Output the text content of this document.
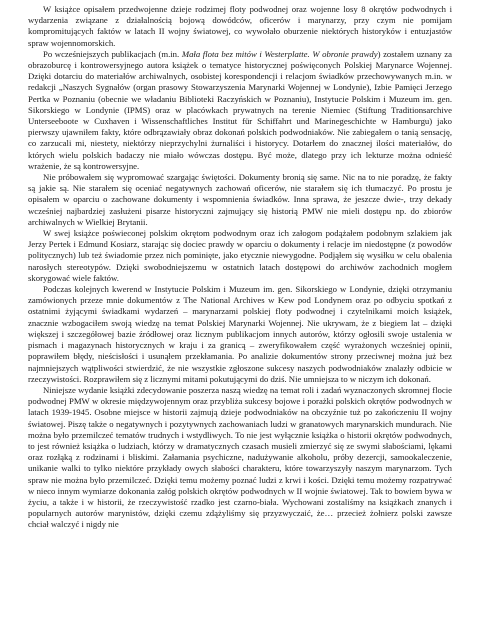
W książce opisałem przedwojenne dzieje rodzimej floty podwodnej oraz wojenne losy 8 okrętów podwodnych i wydarzenia związane z działalnością bojową dowódców, oficerów i marynarzy, przy czym nie pomijam kompromitujących faktów w latach II wojny światowej, co wywołało oburzenie niektórych historyków i entuzjastów spraw wojennomorskich.

Po wcześniejszych publikacjach (m.in. Mała flota bez mitów i Westerplatte. W obronie prawdy) zostałem uznany za obrazoburcę i kontrowersyjnego autora książek o tematyce historycznej poświęconych Polskiej Marynarce Wojennej. Dzięki dotarciu do materiałów archiwalnych, osobistej korespondencji i relacjom świadków przechowywanych m.in. w redakcji „Naszych Sygnałów (organ prasowy Stowarzyszenia Marynarki Wojennej w Londynie), Izbie Pamięci Jerzego Pertka w Poznaniu (obecnie we władaniu Biblioteki Raczyńskich w Poznaniu), Instytucie Polskim i Muzeum im. gen. Sikorskiego w Londynie (IPMS) oraz w placówkach prywatnych na terenie Niemiec (Stiftung Traditionsarchive Unterseeboote w Cuxhaven i Wissenschaftliches Institut für Schiffahrt und Marinegeschichte w Hamburgu) jako pierwszy ujawniłem fakty, które odbrązawiały obraz dokonań polskich podwodniaków. Nie zabiegałem o tanią sensację, co zarzucali mi, niestety, niektórzy nieprzychylni żurnaliści i historycy. Dotarłem do znacznej ilości materiałów, do których wielu polskich badaczy nie miało wówczas dostępu. Być może, dlatego przy ich lekturze można odnieść wrażenie, że są kontrowersyjne.

Nie próbowałem się wypromować szargając świętości. Dokumenty bronią się same. Nic na to nie poradzę, że fakty są jakie są. Nie starałem się oceniać negatywnych zachowań oficerów, nie starałem się ich tłumaczyć. Po prostu je opisałem w oparciu o zachowane dokumenty i wspomnienia świadków. Inna sprawa, że jeszcze dwie-, trzy dekady wcześniej najbardziej zasłużeni pisarze historyczni zajmujący się historią PMW nie mieli dostępu np. do zbiorów archiwalnych w Wielkiej Brytanii.

W swej książce poświeconej polskim okrętom podwodnym oraz ich załogom podążałem podobnym szlakiem jak Jerzy Pertek i Edmund Kosiarz, starając się dociec prawdy w oparciu o dokumenty i relacje im niedostępne (z powodów politycznych) lub też świadomie przez nich pominięte, jako etycznie niewygodne. Podjąłem się wysiłku w celu obalenia narosłych stereotypów. Dzięki swobodniejszemu w ostatnich latach dostępowi do archiwów zachodnich mogłem skorygować wiele faktów.

Podczas kolejnych kwerend w Instytucie Polskim i Muzeum im. gen. Sikorskiego w Londynie, dzięki otrzymaniu zamówionych przeze mnie dokumentów z The National Archives w Kew pod Londynem oraz po odbyciu spotkań z ostatnimi żyjącymi świadkami wydarzeń – marynarzami polskiej floty podwodnej i czytelnikami moich książek, znacznie wzbogaciłem swoją wiedzę na temat Polskiej Marynarki Wojennej. Nie ukrywam, że z biegiem lat – dzięki większej i szczegółowej bazie źródłowej oraz licznym publikacjom innych autorów, którzy ogłosili swoje ustalenia w pismach i magazynach historycznych w kraju i za granicą – zweryfikowałem część wyrażonych wcześniej opinii, poprawiłem błędy, nieścisłości i usunąłem przekłamania. Po analizie dokumentów strony przeciwnej można już bez najmniejszych wątpliwości stwierdzić, że nie wszystkie zgłoszone sukcesy naszych podwodniaków znalazły odbicie w rzeczywistości. Rozprawiłem się z licznymi mitami pokutującymi do dziś. Nie umniejsza to w niczym ich dokonań.

Niniejsze wydanie książki zdecydowanie poszerza naszą wiedzę na temat roli i zadań wyznaczonych skromnej flocie podwodnej PMW w okresie międzywojennym oraz przybliża sukcesy bojowe i porażki polskich okrętów podwodnych w latach 1939-1945. Osobne miejsce w historii zajmują dzieje podwodniaków na obczyźnie tuż po zakończeniu II wojny światowej. Piszę także o negatywnych i pozytywnych zachowaniach ludzi w granatowych marynarskich mundurach. Nie można było przemilczeć tematów trudnych i wstydliwych. To nie jest wyłącznie książka o historii okrętów podwodnych, to jest również książka o ludziach, którzy w dramatycznych czasach musieli zmierzyć się ze swymi słabościami, lękami oraz rozłąką z rodzinami i bliskimi. Załamania psychiczne, nadużywanie alkoholu, próby dezercji, samookaleczenie, unikanie walki to tylko niektóre przykłady owych słabości charakteru, które towarzyszyły naszym marynarzom. Tych spraw nie można było przemilczeć. Dzięki temu możemy poznać ludzi z krwi i kości. Dzięki temu możemy rozpatrywać w nieco innym wymiarze dokonania załóg polskich okrętów podwodnych w II wojnie światowej. Tak to bowiem bywa w życiu, a także i w historii, że rzeczywistość rzadko jest czarno-biała. Wychowani zostaliśmy na książkach znanych i popularnych autorów marynistów, dzięki czemu zdążyliśmy się przyzwyczaić, że… przecież żołnierz polski zawsze chciał walczyć i nigdy nie
